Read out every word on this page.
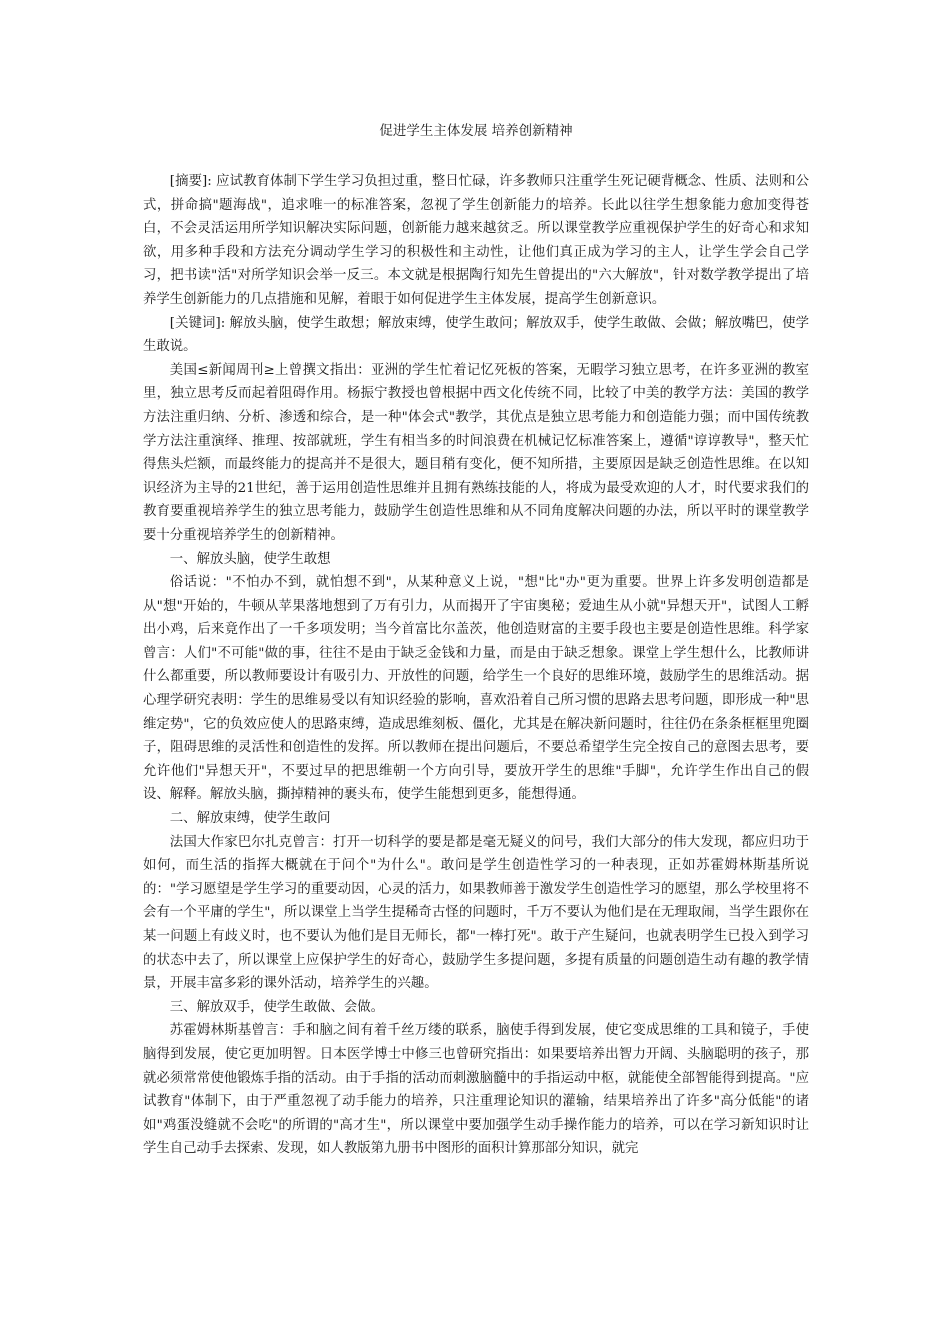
促进学生主体发展 培养创新精神

[摘要]: 应试教育体制下学生学习负担过重，整日忙碌，许多教师只注重学生死记硬背概念、性质、法则和公式，拼命搞"题海战"，追求唯一的标准答案，忽视了学生创新能力的培养。长此以往学生想象能力愈加变得苍白，不会灵活运用所学知识解决实际问题，创新能力越来越贫乏。所以课堂教学应重视保护学生的好奇心和求知欲，用多种手段和方法充分调动学生学习的积极性和主动性，让他们真正成为学习的主人，让学生学会自己学习，把书读"活"对所学知识会举一反三。本文就是根据陶行知先生曾提出的"六大解放"，针对数学教学提出了培养学生创新能力的几点措施和见解，着眼于如何促进学生主体发展，提高学生创新意识。

[关键词]: 解放头脑，使学生敢想；解放束缚，使学生敢问；解放双手，使学生敢做、会做；解放嘴巴，使学生敢说。

美国≤新闻周刊≥上曾撰文指出：亚洲的学生忙着记忆死板的答案，无暇学习独立思考，在许多亚洲的教室里，独立思考反而起着阻碍作用。杨振宁教授也曾根据中西文化传统不同，比较了中美的教学方法：美国的教学方法注重归纳、分析、渗透和综合，是一种"体会式"教学，其优点是独立思考能力和创造能力强；而中国传统教学方法注重演绎、推理、按部就班，学生有相当多的时间浪费在机械记忆标准答案上，遵循"谆谆教导"，整天忙得焦头烂额，而最终能力的提高并不是很大，题目稍有变化，便不知所措，主要原因是缺乏创造性思维。在以知识经济为主导的21世纪，善于运用创造性思维并且拥有熟练技能的人，将成为最受欢迎的人才，时代要求我们的教育要重视培养学生的独立思考能力，鼓励学生创造性思维和从不同角度解决问题的办法，所以平时的课堂教学要十分重视培养学生的创新精神。

一、解放头脑，使学生敢想

俗话说："不怕办不到，就怕想不到"，从某种意义上说，"想"比"办"更为重要。世界上许多发明创造都是从"想"开始的，牛顿从苹果落地想到了万有引力，从而揭开了宇宙奥秘；爱迪生从小就"异想天开"，试图人工孵出小鸡，后来竟作出了一千多项发明；当今首富比尔盖茨，他创造财富的主要手段也主要是创造性思维。科学家曾言：人们"不可能"做的事，往往不是由于缺乏金钱和力量，而是由于缺乏想象。课堂上学生想什么，比教师讲什么都重要，所以教师要设计有吸引力、开放性的问题，给学生一个良好的思维环境，鼓励学生的思维活动。据心理学研究表明：学生的思维易受以有知识经验的影响，喜欢沿着自己所习惯的思路去思考问题，即形成一种"思维定势"，它的负效应使人的思路束缚，造成思维刻板、僵化，尤其是在解决新问题时，往往仍在条条框框里兜圈子，阻碍思维的灵活性和创造性的发挥。所以教师在提出问题后，不要总希望学生完全按自己的意图去思考，要允许他们"异想天开"，不要过早的把思维朝一个方向引导，要放开学生的思维"手脚"，允许学生作出自己的假设、解释。解放头脑，撕掉精神的裹头布，使学生能想到更多，能想得通。

二、解放束缚，使学生敢问

法国大作家巴尔扎克曾言：打开一切科学的要是都是毫无疑义的问号，我们大部分的伟大发现，都应归功于如何，而生活的指挥大概就在于问个"为什么"。敢问是学生创造性学习的一种表现，正如苏霍姆林斯基所说的："学习愿望是学生学习的重要动因，心灵的活力，如果教师善于激发学生创造性学习的愿望，那么学校里将不会有一个平庸的学生"，所以课堂上当学生提稀奇古怪的问题时，千万不要认为他们是在无理取闹，当学生跟你在某一问题上有歧义时，也不要认为他们是目无师长，都"一棒打死"。敢于产生疑问，也就表明学生已投入到学习的状态中去了，所以课堂上应保护学生的好奇心，鼓励学生多提问题，多提有质量的问题创造生动有趣的教学情景，开展丰富多彩的课外活动，培养学生的兴趣。

三、解放双手，使学生敢做、会做。

苏霍姆林斯基曾言：手和脑之间有着千丝万缕的联系，脑使手得到发展，使它变成思维的工具和镜子，手使脑得到发展，使它更加明智。日本医学博士中修三也曾研究指出：如果要培养出智力开阔、头脑聪明的孩子，那就必须常常使他锻炼手指的活动。由于手指的活动而刺激脑髓中的手指运动中枢，就能使全部智能得到提高。"应试教育"体制下，由于严重忽视了动手能力的培养，只注重理论知识的灌输，结果培养出了许多"高分低能"的诸如"鸡蛋没缝就不会吃"的所谓的"高才生"，所以课堂中要加强学生动手操作能力的培养，可以在学习新知识时让学生自己动手去探索、发现，如人教版第九册书中图形的面积计算那部分知识，就完
